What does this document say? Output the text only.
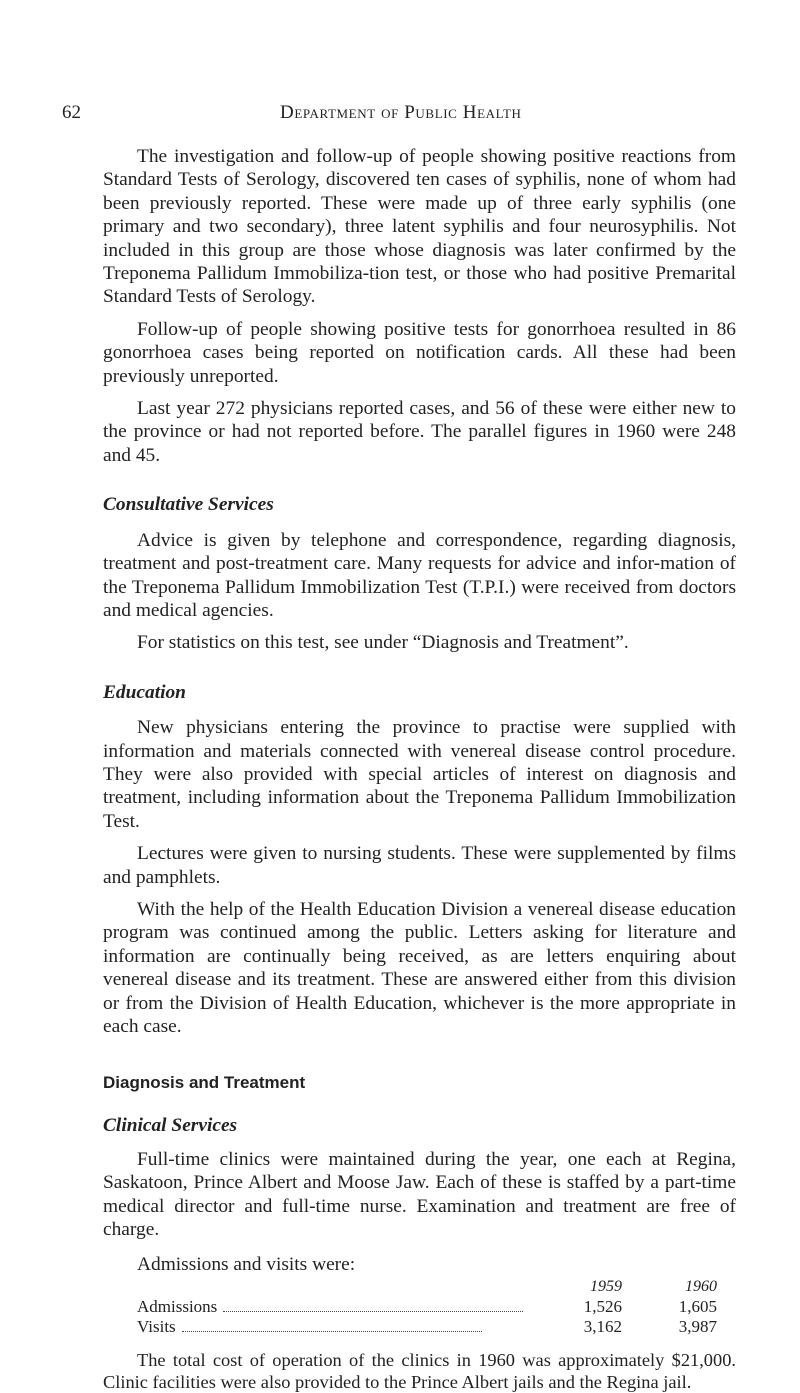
62	Department of Public Health

The investigation and follow-up of people showing positive reactions from Standard Tests of Serology, discovered ten cases of syphilis, none of whom had been previously reported. These were made up of three early syphilis (one primary and two secondary), three latent syphilis and four neurosyphilis. Not included in this group are those whose diagnosis was later confirmed by the Treponema Pallidum Immobiliza-tion test, or those who had positive Premarital Standard Tests of Serology.

Follow-up of people showing positive tests for gonorrhoea resulted in 86 gonorrhoea cases being reported on notification cards. All these had been previously unreported.

Last year 272 physicians reported cases, and 56 of these were either new to the province or had not reported before. The parallel figures in 1960 were 248 and 45.

Consultative Services

Advice is given by telephone and correspondence, regarding diagnosis, treatment and post-treatment care. Many requests for advice and infor-mation of the Treponema Pallidum Immobilization Test (T.P.I.) were received from doctors and medical agencies.

For statistics on this test, see under “Diagnosis and Treatment”.

Education

New physicians entering the province to practise were supplied with information and materials connected with venereal disease control procedure. They were also provided with special articles of interest on diagnosis and treatment, including information about the Treponema Pallidum Immobilization Test.

Lectures were given to nursing students. These were supplemented by films and pamphlets.

With the help of the Health Education Division a venereal disease education program was continued among the public. Letters asking for literature and information are continually being received, as are letters enquiring about venereal disease and its treatment. These are answered either from this division or from the Division of Health Education, whichever is the more appropriate in each case.

Diagnosis and Treatment
Clinical Services

Full-time clinics were maintained during the year, one each at Regina, Saskatoon, Prince Albert and Moose Jaw. Each of these is staffed by a part-time medical director and full-time nurse. Examination and treatment are free of charge.

Admissions and visits were:
	1959	1960
Admissions	1,526	1,605
Visits	3,162	3,987

The total cost of operation of the clinics in 1960 was approximately $21,000. Clinic facilities were also provided to the Prince Albert jails and the Regina jail.
